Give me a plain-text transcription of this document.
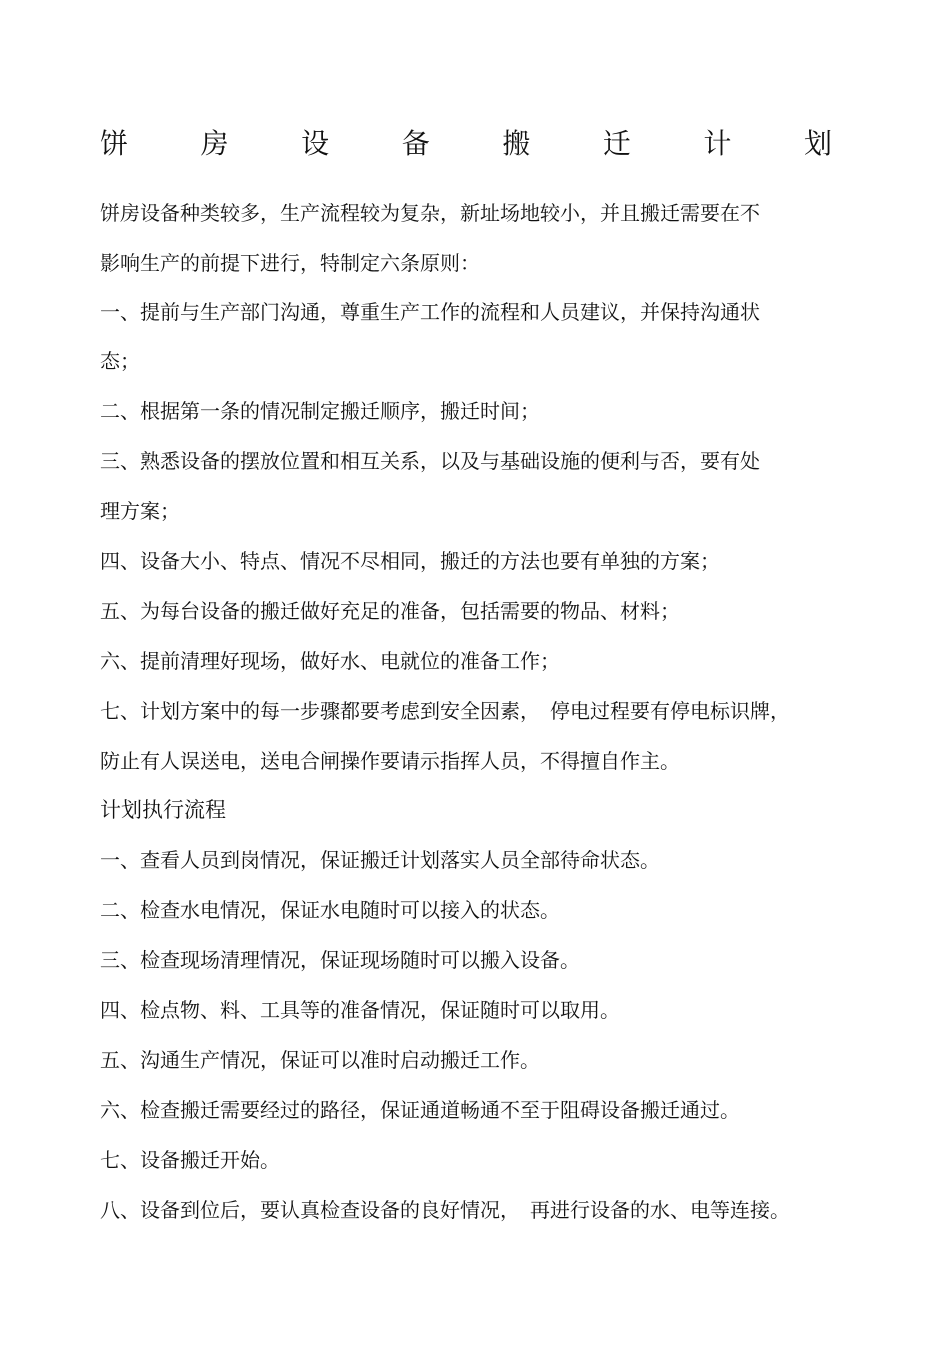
饼	房	设	备	搬	迁	计	划
饼房设备种类较多，生产流程较为复杂，新址场地较小，并且搬迁需要在不
影响生产的前提下进行，特制定六条原则：
一、提前与生产部门沟通，尊重生产工作的流程和人员建议，并保持沟通状
态；
二、根据第一条的情况制定搬迁顺序，搬迁时间；
三、熟悉设备的摆放位置和相互关系，以及与基础设施的便利与否，要有处
理方案；
四、设备大小、特点、情况不尽相同，搬迁的方法也要有单独的方案；
五、为每台设备的搬迁做好充足的准备，包括需要的物品、材料；
六、提前清理好现场，做好水、电就位的准备工作；
七、计划方案中的每一步骤都要考虑到安全因素，　停电过程要有停电标识牌，
防止有人误送电，送电合闸操作要请示指挥人员，不得擅自作主。
计划执行流程
一、查看人员到岗情况，保证搬迁计划落实人员全部待命状态。
二、检查水电情况，保证水电随时可以接入的状态。
三、检查现场清理情况，保证现场随时可以搬入设备。
四、检点物、料、工具等的准备情况，保证随时可以取用。
五、沟通生产情况，保证可以准时启动搬迁工作。
六、检查搬迁需要经过的路径，保证通道畅通不至于阻碍设备搬迁通过。
七、设备搬迁开始。
八、设备到位后，要认真检查设备的良好情况，　再进行设备的水、电等连接。
